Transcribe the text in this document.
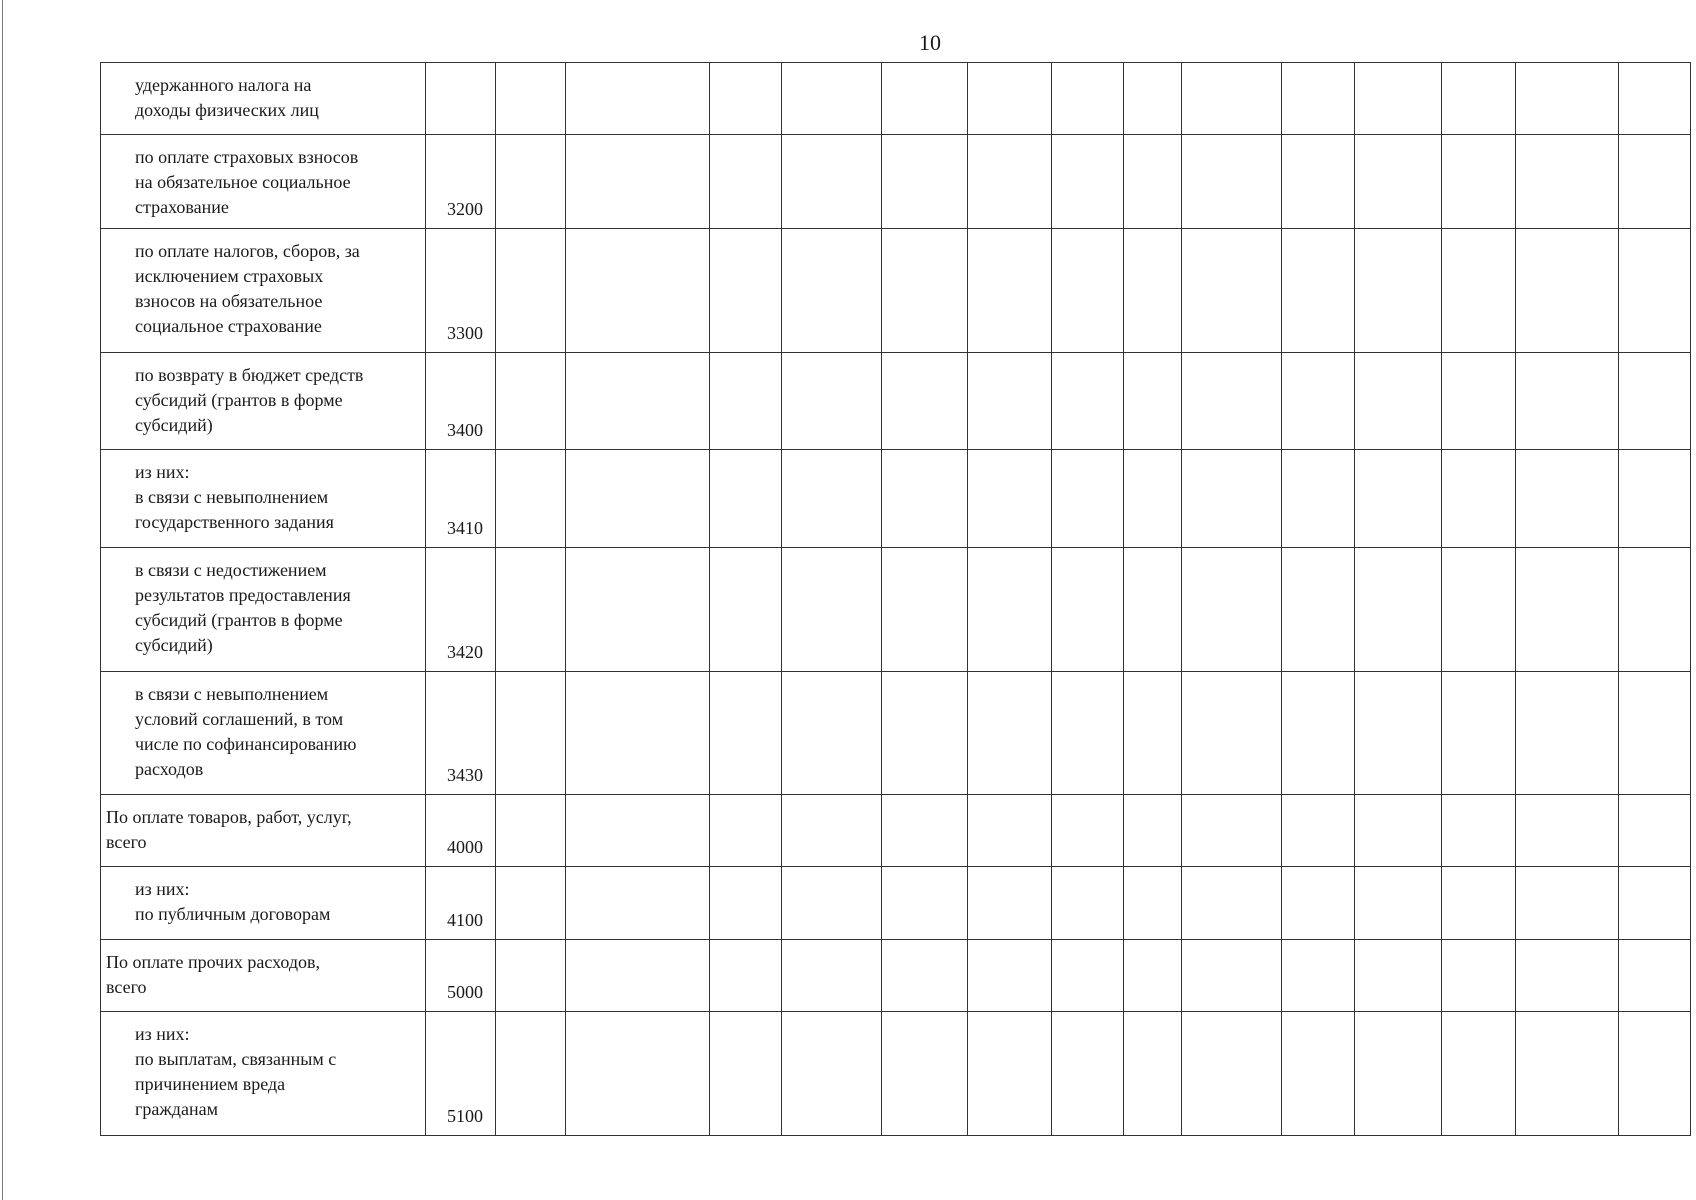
10
удержанного налога на
доходы физических лиц															
по оплате страховых взносов
на обязательное социальное
страхование	3200														
по оплате налогов, сборов, за
исключением страховых
взносов на обязательное
социальное страхование	3300														
по возврату в бюджет средств
субсидий (грантов в форме
субсидий)	3400														
из них:
в связи с невыполнением
государственного задания	3410														
в связи с недостижением
результатов предоставления
субсидий (грантов в форме
субсидий)	3420														
в связи с невыполнением
условий соглашений, в том
числе по софинансированию
расходов	3430														
По оплате товаров, работ, услуг,
всего	4000														
из них:
по публичным договорам	4100														
По оплате прочих расходов,
всего	5000														
из них:
по выплатам, связанным с
причинением вреда
гражданам	5100														
